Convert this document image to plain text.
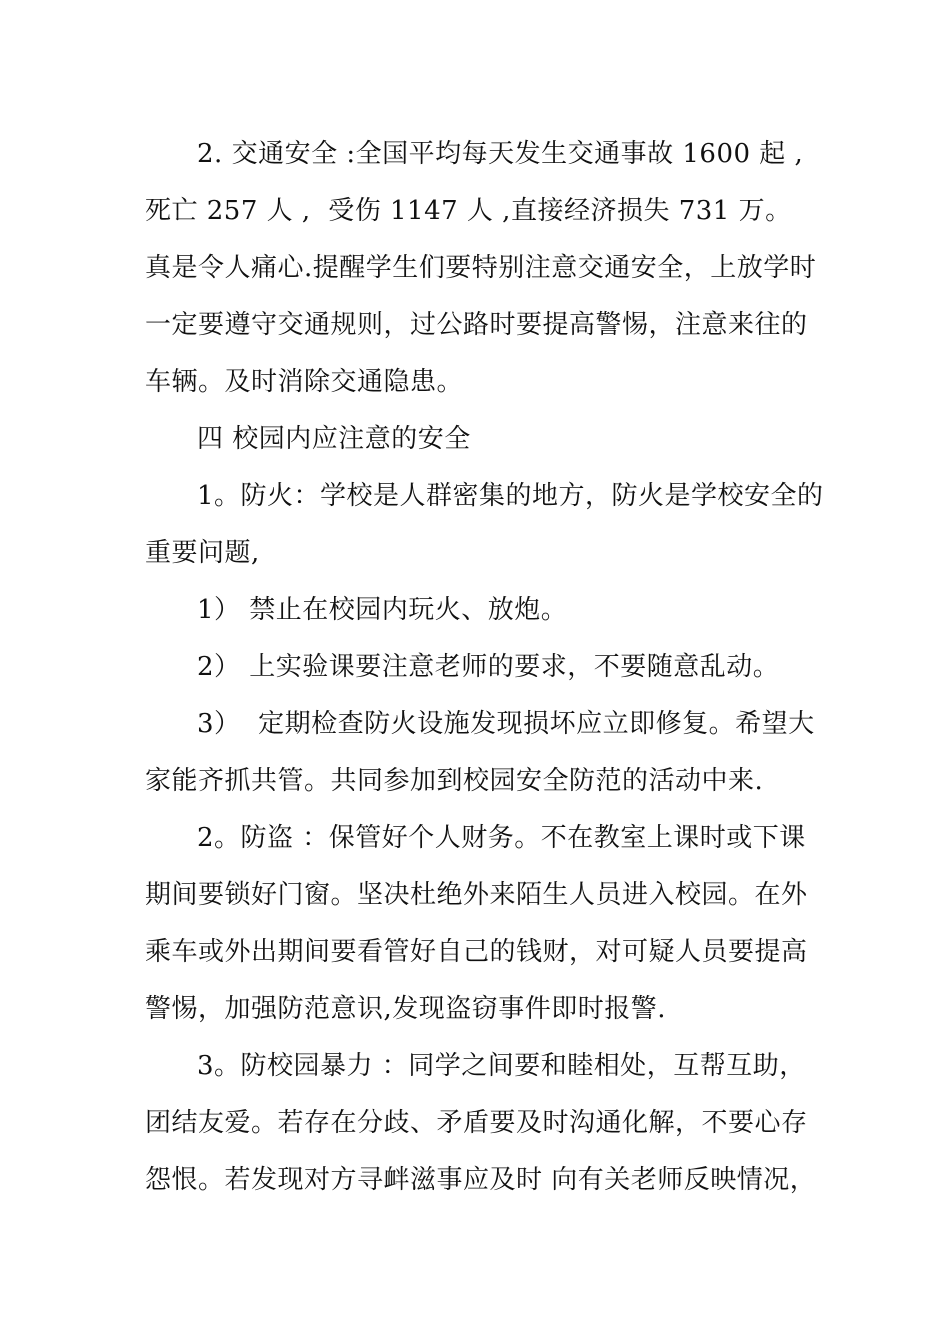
2. 交通安全 :全国平均每天发生交通事故 1600 起 ,
死亡 257 人 ,  受伤 1147 人 ,直接经济损失 731 万。
真是令人痛心.提醒学生们要特别注意交通安全，上放学时
一定要遵守交通规则，过公路时要提高警惕，注意来往的
车辆。及时消除交通隐患。
四 校园内应注意的安全
1。防火：学校是人群密集的地方，防火是学校安全的
重要问题,
1） 禁止在校园内玩火、放炮。
2） 上实验课要注意老师的要求，不要随意乱动。
3）  定期检查防火设施发现损坏应立即修复。希望大
家能齐抓共管。共同参加到校园安全防范的活动中来.
2。防盗 ：保管好个人财务。不在教室上课时或下课
期间要锁好门窗。坚决杜绝外来陌生人员进入校园。在外
乘车或外出期间要看管好自己的钱财，对可疑人员要提高
警惕，加强防范意识,发现盗窃事件即时报警.
3。防校园暴力 ：同学之间要和睦相处，互帮互助，
团结友爱。若存在分歧、矛盾要及时沟通化解，不要心存
怨恨。若发现对方寻衅滋事应及时 向有关老师反映情况，
